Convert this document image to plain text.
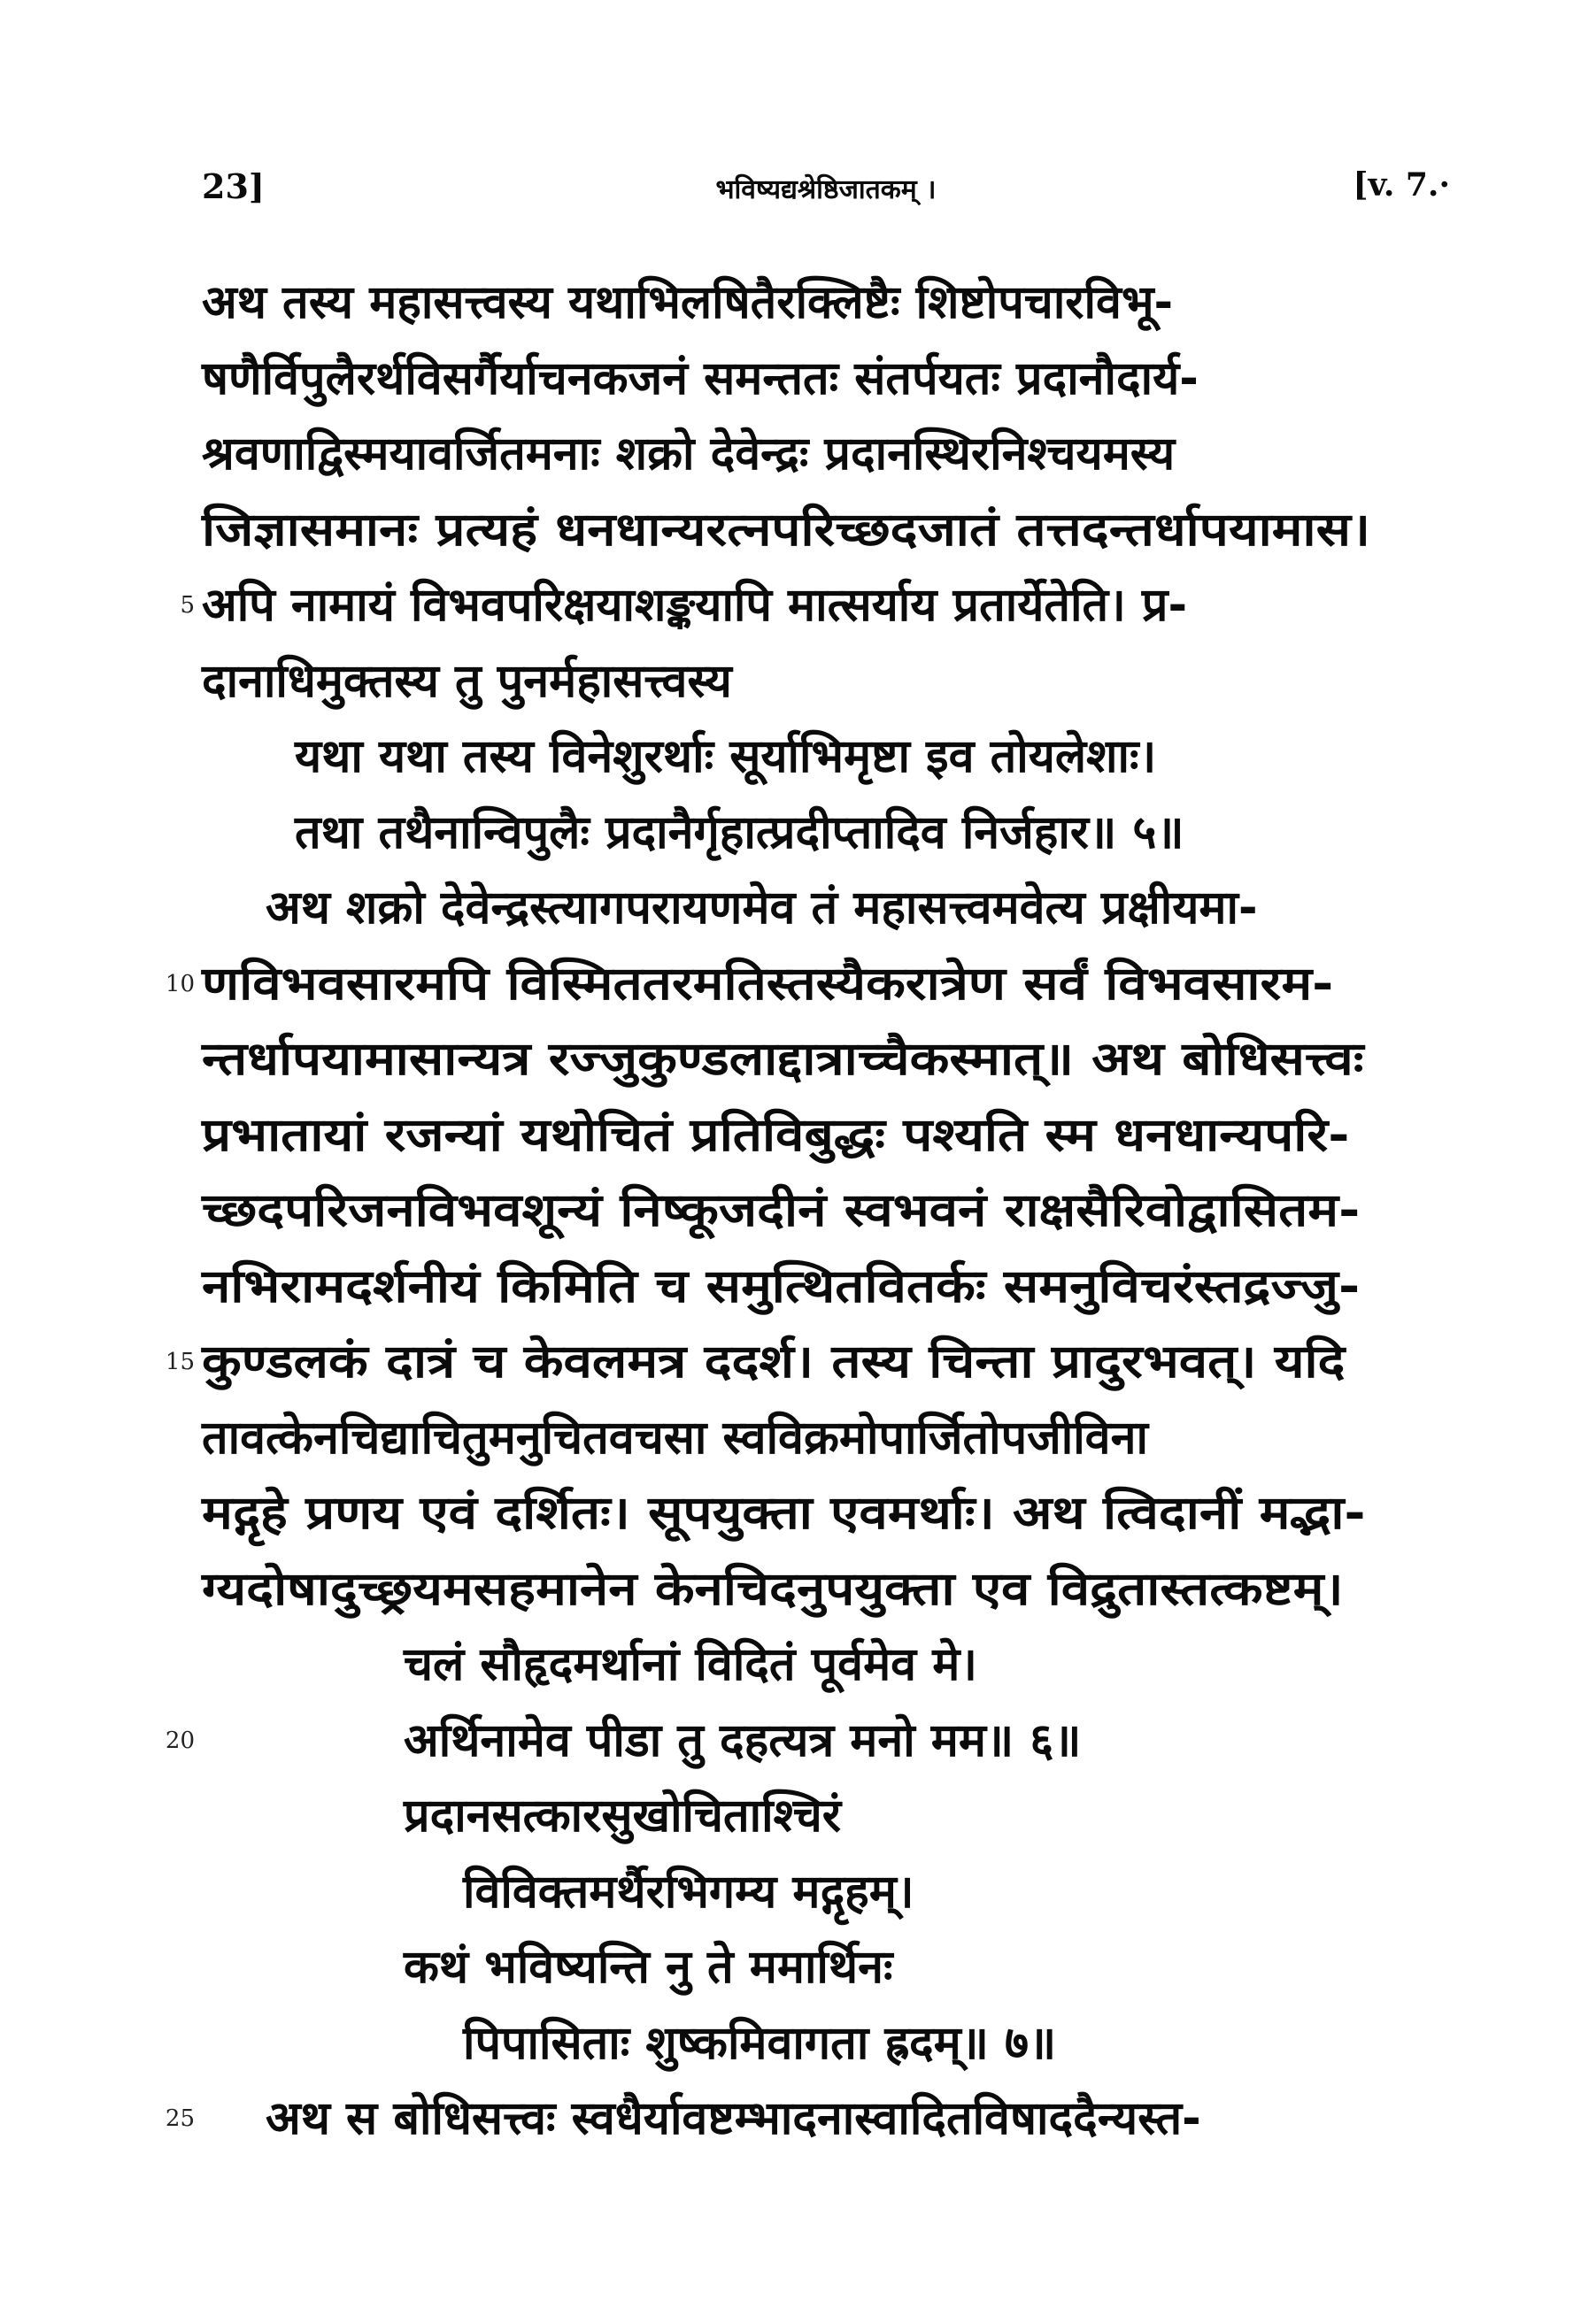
23]	भविष्यद्यश्रेष्ठिजातकम् ।	[v. 7.·
अथ तस्य महासत्त्वस्य यथाभिलषितैरक्लिष्टैः शिष्टोपचारविभू-
षणैर्विपुलैरर्थविसर्गैर्याचनकजनं समन्ततः संतर्पयतः प्रदानौदार्य-
श्रवणाद्विस्मयावर्जितमनाः शक्रो देवेन्द्रः प्रदानस्थिरनिश्चयमस्य
जिज्ञासमानः प्रत्यहं धनधान्यरत्नपरिच्छदजातं तत्तदन्तर्धापयामास।
5 अपि नामायं विभवपरिक्षयाशङ्कयापि मात्सर्याय प्रतार्येतेति। प्र-
दानाधिमुक्तस्य तु पुनर्महासत्त्वस्य
यथा यथा तस्य विनेशुरर्थाः सूर्याभिमृष्टा इव तोयलेशाः।
तथा तथैनान्विपुलैः प्रदानैर्गृहात्प्रदीप्तादिव निर्जहार॥ ५॥
अथ शक्रो देवेन्द्रस्त्यागपरायणमेव तं महासत्त्वमवेत्य प्रक्षीयमा-
10 णविभवसारमपि विस्मिततरमतिस्तस्यैकरात्रेण सर्वं विभवसारम-
न्तर्धापयामासान्यत्र रज्जुकुण्डलाद्दात्राच्चैकस्मात्॥ अथ बोधिसत्त्वः
प्रभातायां रजन्यां यथोचितं प्रतिविबुद्धः पश्यति स्म धनधान्यपरि-
च्छदपरिजनविभवशून्यं निष्कूजदीनं स्वभवनं राक्षसैरिवोद्वासितम-
नभिरामदर्शनीयं किमिति च समुत्थितवितर्कः समनुविचरंस्तद्रज्जु-
15 कुण्डलकं दात्रं च केवलमत्र ददर्श। तस्य चिन्ता प्रादुरभवत्। यदि
तावत्केनचिद्याचितुमनुचितवचसा स्वविक्रमोपार्जितोपजीविना
मद्गृहे प्रणय एवं दर्शितः। सूपयुक्ता एवमर्थाः। अथ त्विदानीं मद्भा-
ग्यदोषादुच्छ्रयमसहमानेन केनचिदनुपयुक्ता एव विद्रुतास्तत्कष्टम्।
चलं सौहृदमर्थानां विदितं पूर्वमेव मे।
20	अर्थिनामेव पीडा तु दहत्यत्र मनो मम॥ ६॥
प्रदानसत्कारसुखोचिताश्चिरं
विविक्तमर्थैरभिगम्य मद्गृहम्।
कथं भविष्यन्ति नु ते ममार्थिनः
पिपासिताः शुष्कमिवागता ह्रदम्॥ ७॥
25 अथ स बोधिसत्त्वः स्वधैर्यावष्टम्भादनास्वादितविषाददैन्यस्त-
